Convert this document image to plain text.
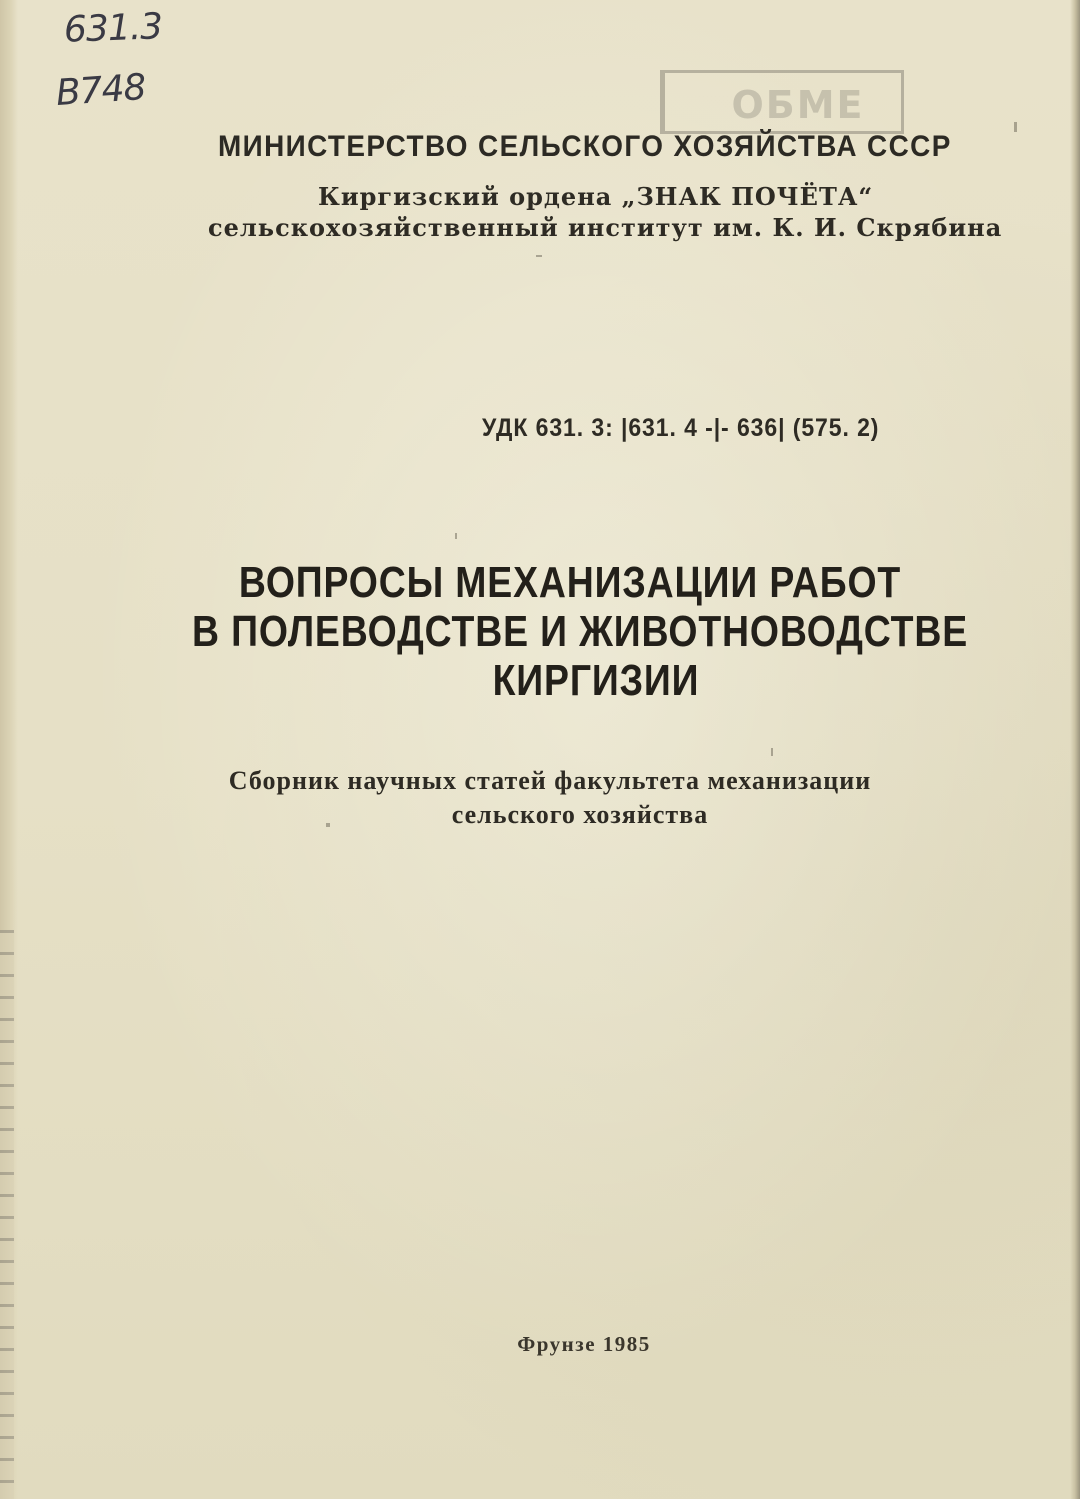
631.3
В748	ОБМЕ
МИНИСТЕРСТВО СЕЛЬСКОГО ХОЗЯЙСТВА СССР
Киргизский ордена „ЗНАК ПОЧЁТА“
сельскохозяйственный институт им. К. И. Скрябина
УДК 631. 3: |631. 4 -|- 636| (575. 2)
ВОПРОСЫ МЕХАНИЗАЦИИ РАБОТ
В ПОЛЕВОДСТВЕ И ЖИВОТНОВОДСТВЕ
КИРГИЗИИ
Сборник научных статей факультета механизации
сельского хозяйства
Фрунзе 1985
